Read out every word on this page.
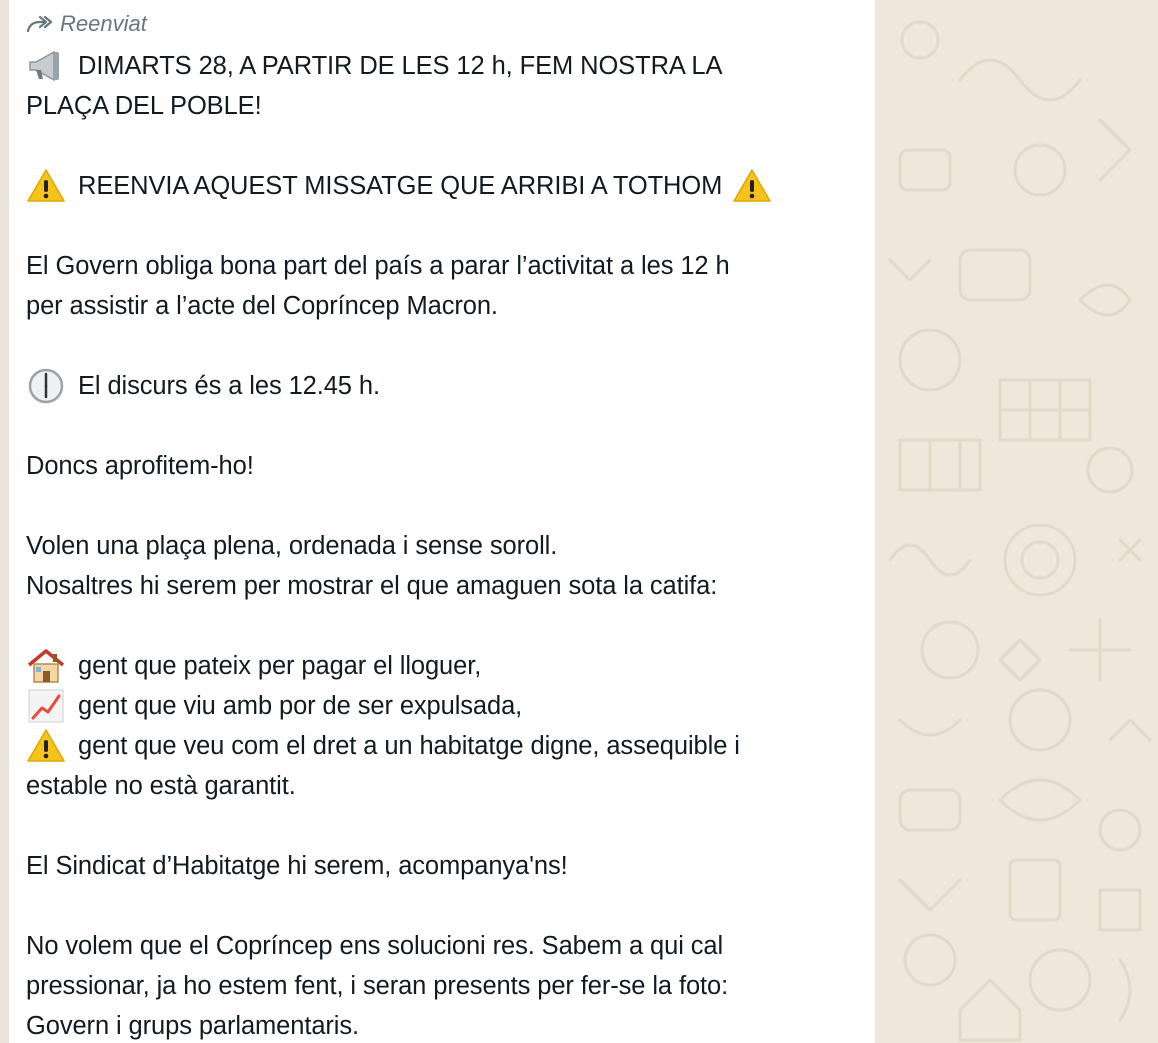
Reenviat
DIMARTS 28, A PARTIR DE LES 12 h, FEM NOSTRA LA
PLAÇA DEL POBLE!
REENVIA AQUEST MISSATGE QUE ARRIBI A TOTHOM
El Govern obliga bona part del país a parar l’activitat a les 12 h
per assistir a l’acte del Copríncep Macron.
El discurs és a les 12.45 h.
Doncs aprofitem-ho!
Volen una plaça plena, ordenada i sense soroll.
Nosaltres hi serem per mostrar el que amaguen sota la catifa:
gent que pateix per pagar el lloguer,
gent que viu amb por de ser expulsada,
gent que veu com el dret a un habitatge digne, assequible i
estable no està garantit.
El Sindicat d’Habitatge hi serem, acompanya'ns!
No volem que el Copríncep ens solucioni res. Sabem a qui cal
pressionar, ja ho estem fent, i seran presents per fer-se la foto:
Govern i grups parlamentaris.
